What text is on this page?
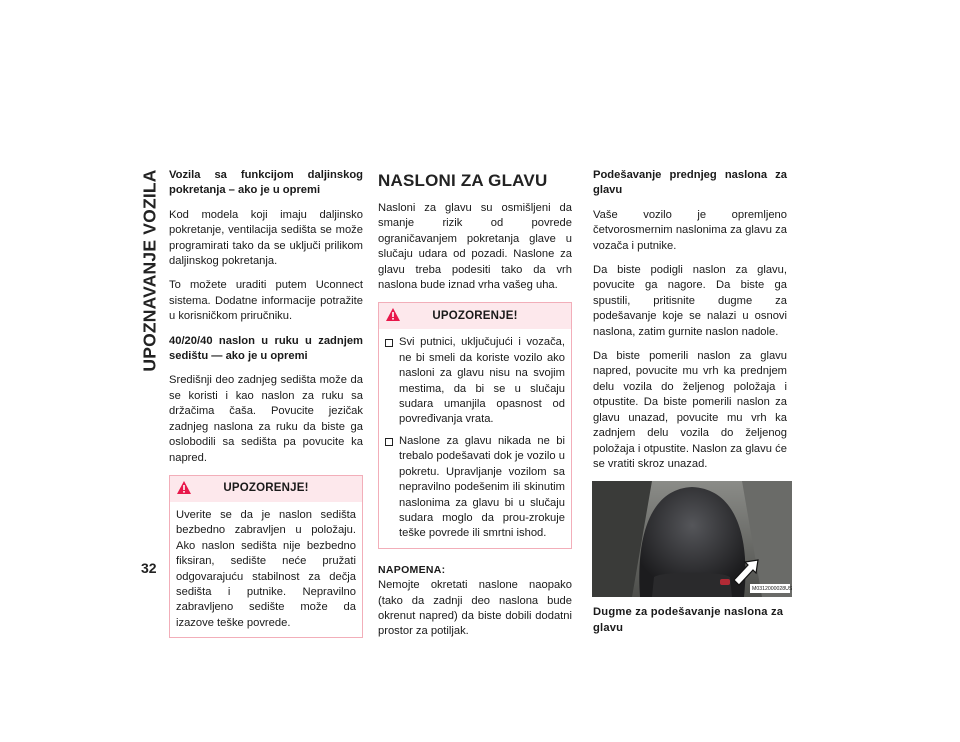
UPOZNAVANJE VOZILA
32
Vozila sa funkcijom daljinskog pokretanja – ako je u opremi

Kod modela koji imaju daljinsko pokretanje, ventilacija sedišta se može programirati tako da se uključi prilikom daljinskog pokretanja.

To možete uraditi putem Uconnect sistema. Dodatne informacije potražite u korisničkom priručniku.

40/20/40 naslon u ruku u zadnjem sedištu — ako je u opremi

Središnji deo zadnjeg sedišta može da se koristi i kao naslon za ruku sa držačima čaša. Povucite jezičak zadnjeg naslona za ruku da biste ga oslobodili sa sedišta pa povucite ka napred.

UPOZORENJE!

Uverite se da je naslon sedišta bezbedno zabravljen u položaju. Ako naslon sedišta nije bezbedno fiksiran, sedište neće pružati odgovarajuću stabilnost za dečja sedišta i putnike. Nepravilno zabravljeno sedište može da izazove teške povrede.

NASLONI ZA GLAVU

Nasloni za glavu su osmišljeni da smanje rizik od povrede ograničavanjem pokretanja glave u slučaju udara od pozadi. Naslone za glavu treba podesiti tako da vrh naslona bude iznad vrha vašeg uha.

UPOZORENJE!
Svi putnici, uključujući i vozača, ne bi smeli da koriste vozilo ako nasloni za glavu nisu na svojim mestima, da bi se u slučaju sudara umanjila opasnost od povređivanja vrata.
Naslone za glavu nikada ne bi trebalo podešavati dok je vozilo u pokretu. Upravljanje vozilom sa nepravilno podešenim ili skinutim naslonima za glavu bi u slučaju sudara moglo da prou-zrokuje teške povrede ili smrtni ishod.
NAPOMENA:

Nemojte okretati naslone naopako (tako da zadnji deo naslona bude okrenut napred) da biste dobili dodatni prostor za potiljak.

Podešavanje prednjeg naslona za glavu

Vaše vozilo je opremljeno četvorosmernim naslonima za glavu za vozača i putnike.

Da biste podigli naslon za glavu, povucite ga nagore. Da biste ga spustili, pritisnite dugme za podešavanje koje se nalazi u osnovi naslona, zatim gurnite naslon nadole.

Da biste pomerili naslon za glavu napred, povucite mu vrh ka prednjem delu vozila do željenog položaja i otpustite. Da biste pomerili naslon za glavu unazad, povucite mu vrh ka zadnjem delu vozila do željenog položaja i otpustite. Naslon za glavu će se vratiti skroz unazad.

M0312000028US
Dugme za podešavanje naslona za glavu
